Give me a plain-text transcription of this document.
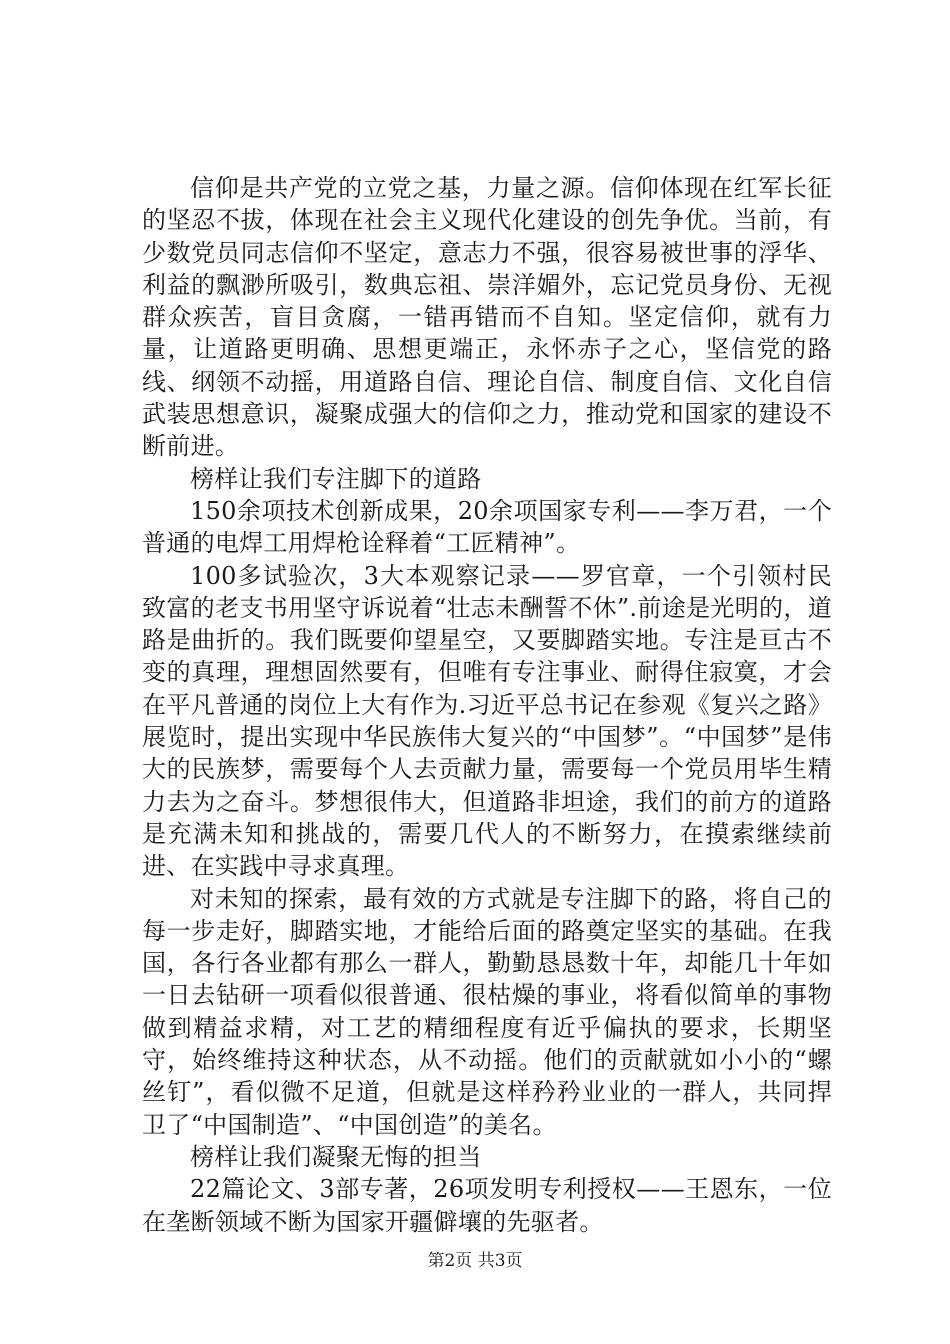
信仰是共产党的立党之基，力量之源。信仰体现在红军长征的坚忍不拔，体现在社会主义现代化建设的创先争优。当前，有少数党员同志信仰不坚定，意志力不强，很容易被世事的浮华、利益的飘渺所吸引，数典忘祖、崇洋媚外，忘记党员身份、无视群众疾苦，盲目贪腐，一错再错而不自知。坚定信仰，就有力量，让道路更明确、思想更端正，永怀赤子之心，坚信党的路线、纲领不动摇，用道路自信、理论自信、制度自信、文化自信武装思想意识，凝聚成强大的信仰之力，推动党和国家的建设不断前进。

榜样让我们专注脚下的道路

150余项技术创新成果，20余项国家专利——李万君，一个普通的电焊工用焊枪诠释着“工匠精神”。

100多试验次，3大本观察记录——罗官章，一个引领村民致富的老支书用坚守诉说着“壮志未酬誓不休”.前途是光明的，道路是曲折的。我们既要仰望星空，又要脚踏实地。专注是亘古不变的真理，理想固然要有，但唯有专注事业、耐得住寂寞，才会在平凡普通的岗位上大有作为.习近平总书记在参观《复兴之路》展览时，提出实现中华民族伟大复兴的“中国梦”。“中国梦”是伟大的民族梦，需要每个人去贡献力量，需要每一个党员用毕生精力去为之奋斗。梦想很伟大，但道路非坦途，我们的前方的道路是充满未知和挑战的，需要几代人的不断努力，在摸索继续前进、在实践中寻求真理。

对未知的探索，最有效的方式就是专注脚下的路，将自己的每一步走好，脚踏实地，才能给后面的路奠定坚实的基础。在我国，各行各业都有那么一群人，勤勤恳恳数十年，却能几十年如一日去钻研一项看似很普通、很枯燥的事业，将看似简单的事物做到精益求精，对工艺的精细程度有近乎偏执的要求，长期坚守，始终维持这种状态，从不动摇。他们的贡献就如小小的“螺丝钉”，看似微不足道，但就是这样矜矜业业的一群人，共同捍卫了“中国制造”、“中国创造”的美名。

榜样让我们凝聚无悔的担当

22篇论文、3部专著，26项发明专利授权——王恩东，一位在垄断领域不断为国家开疆僻壤的先驱者。

第2页 共3页
